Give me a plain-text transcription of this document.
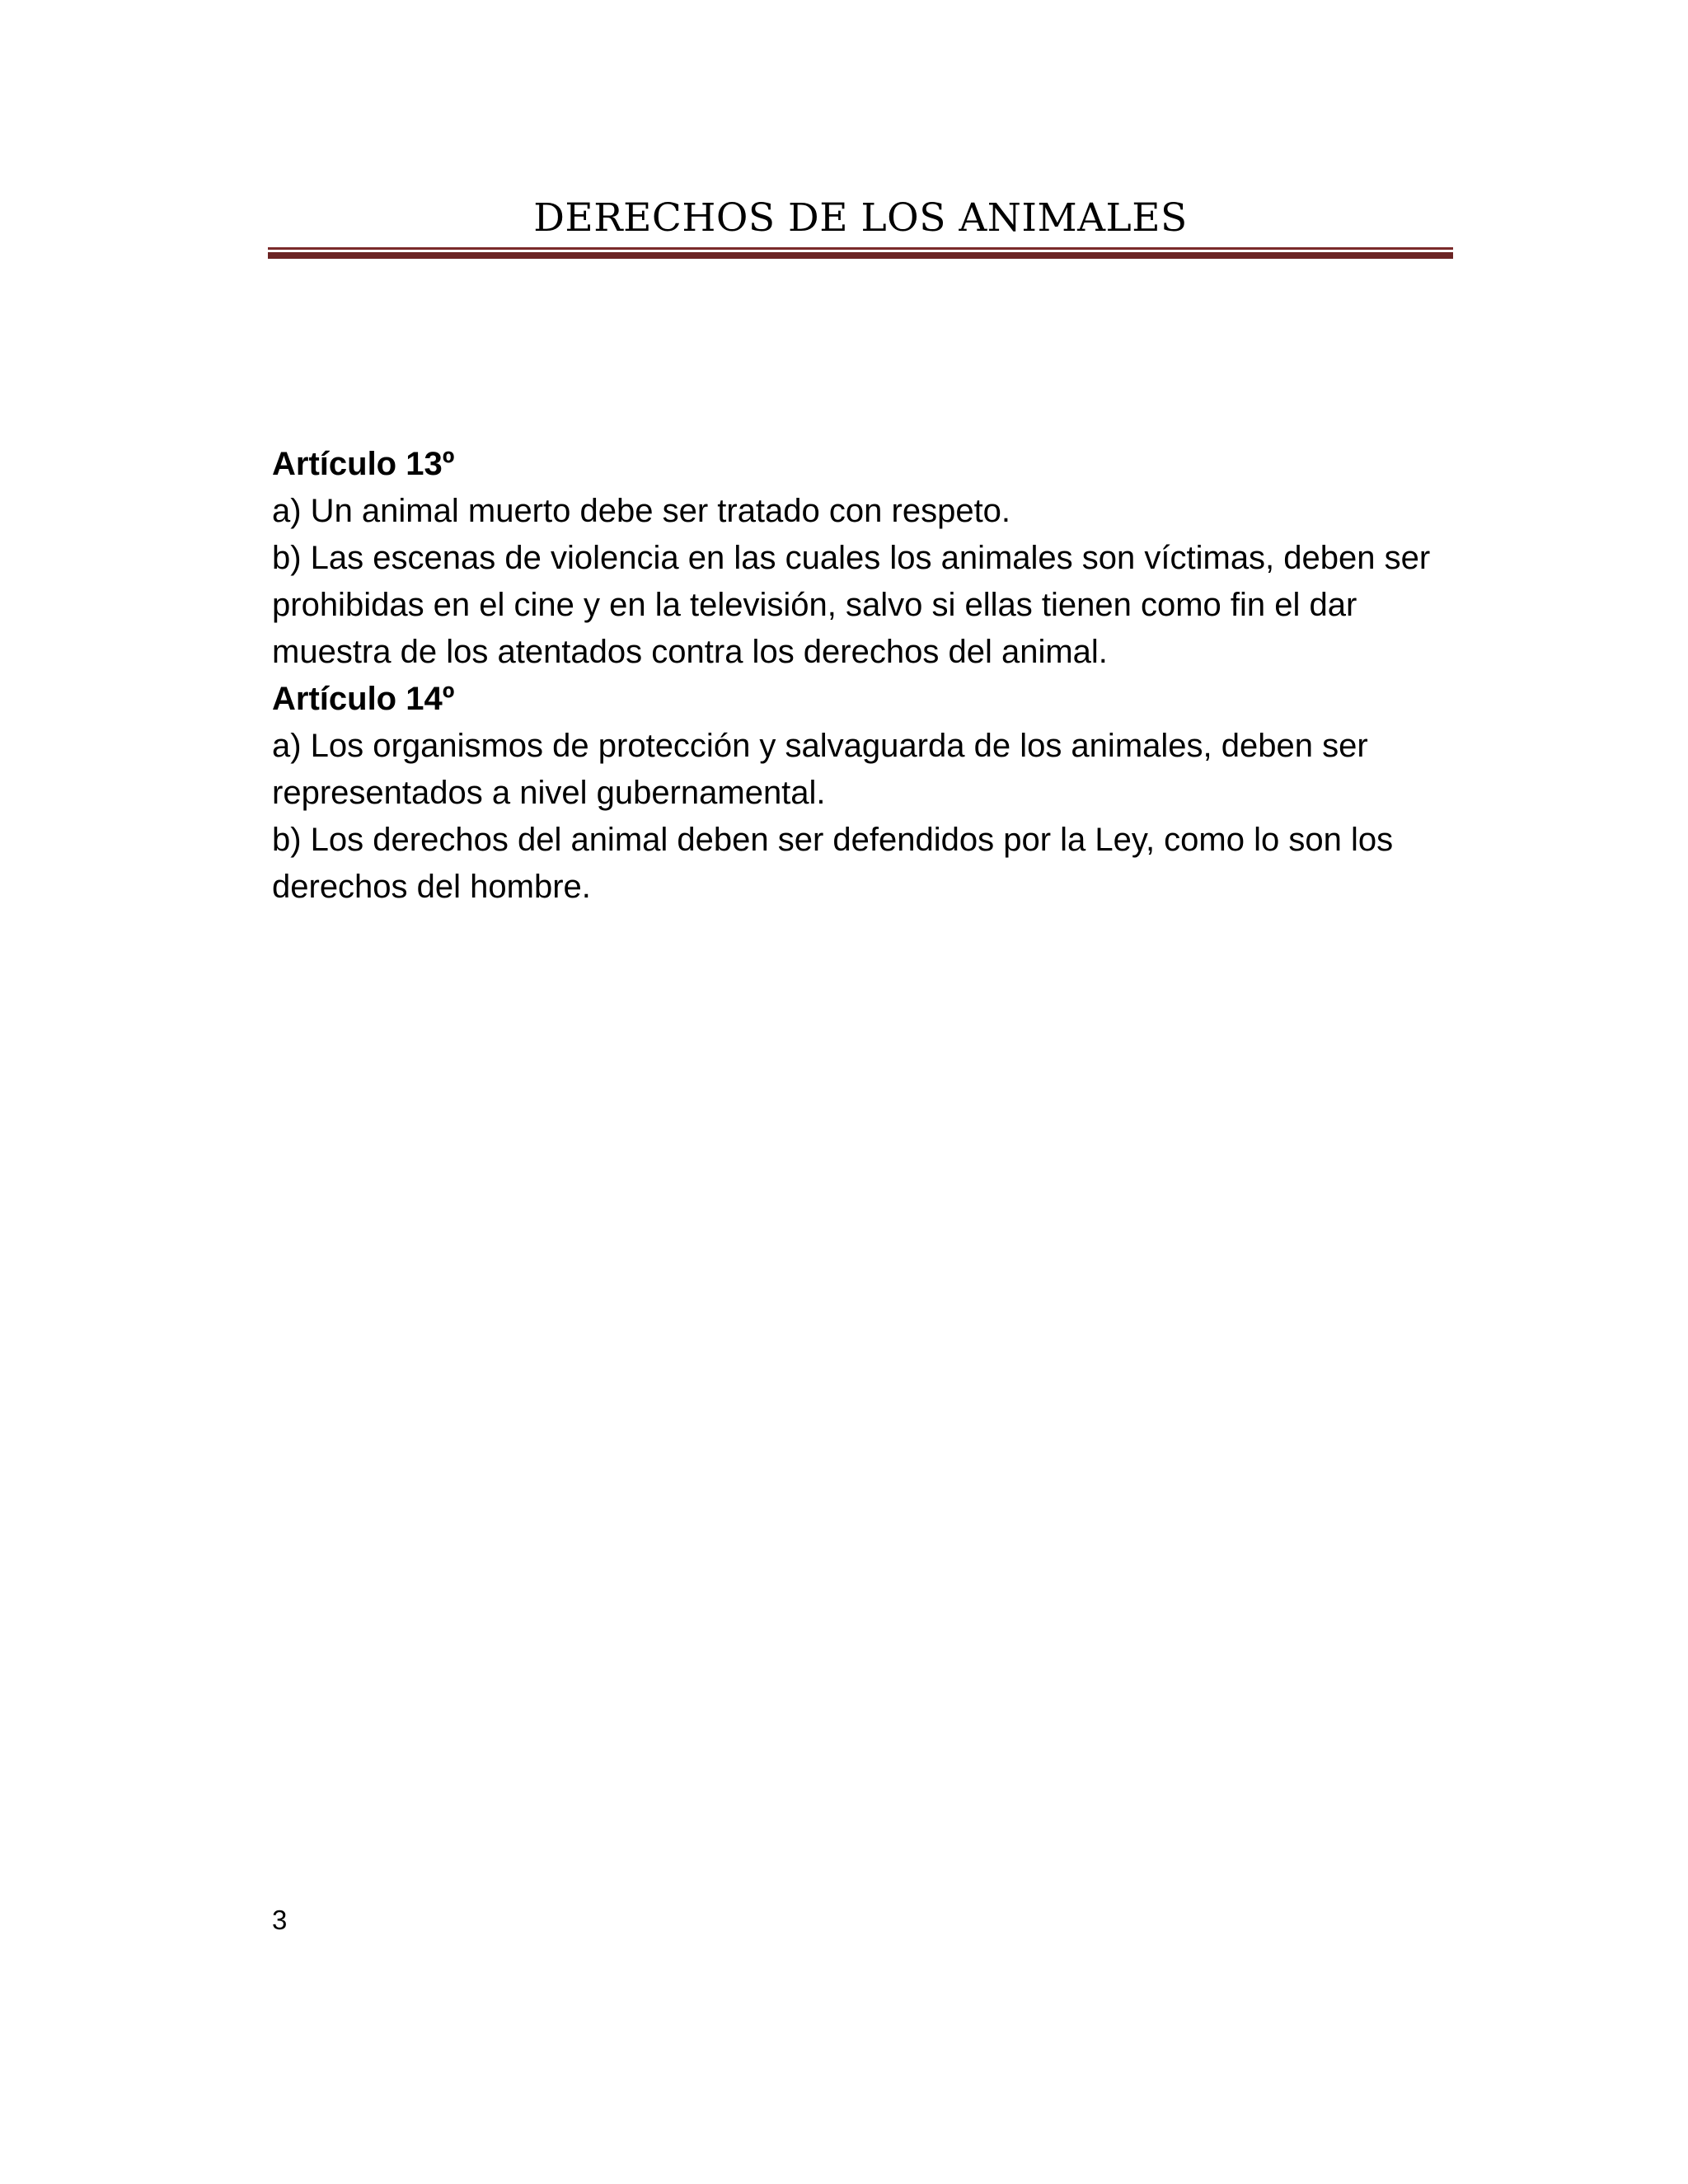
DERECHOS DE LOS ANIMALES

Artículo 13º

a) Un animal muerto debe ser tratado con respeto.

b) Las escenas de violencia en las cuales los animales son víctimas, deben ser prohibidas en el cine y en la televisión, salvo si ellas tienen como fin el dar muestra de los atentados contra los derechos del animal.

Artículo 14º

a) Los organismos de protección y salvaguarda de los animales, deben ser representados a nivel gubernamental.

b) Los derechos del animal deben ser defendidos por la Ley, como lo son los derechos del hombre.

3
